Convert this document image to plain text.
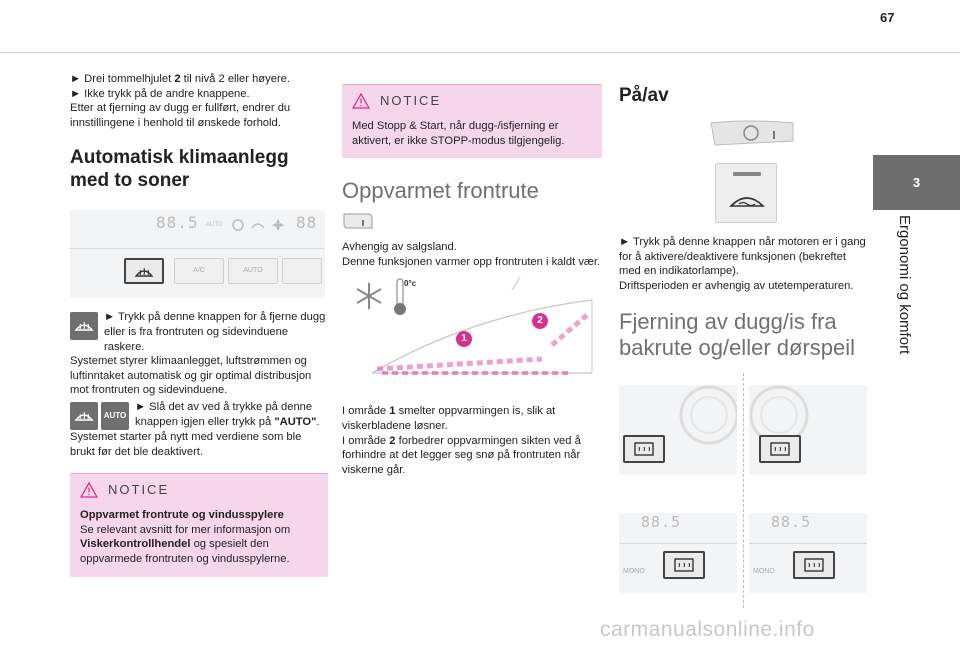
67
3
Ergonomi og komfort

► Drei tommelhjulet 2 til nivå 2 eller høyere.

► Ikke trykk på de andre knappene.

Etter at fjerning av dugg er fullført, endrer du innstillingene i henhold til ønskede forhold.

Automatisk klimaanlegg med to soner
88.5 AUTO	88
A/C	AUTO

► Trykk på denne knappen for å fjerne dugg eller is fra frontruten og sidevinduene raskere.

Systemet styrer klimaanlegget, luftstrømmen og luftinntaket automatisk og gir optimal distribusjon mot frontruten og sidevinduene.

AUTO

► Slå det av ved å trykke på denne knappen igjen eller trykk på "AUTO".

Systemet starter på nytt med verdiene som ble brukt før det ble deaktivert.

NOTICE

Oppvarmet frontrute og vindusspylere

Se relevant avsnitt for mer informasjon om Viskerkontrollhendel og spesielt den oppvarmede frontruten og vindusspylerne.

NOTICE

Med Stopp & Start, når dugg-/isfjerning er aktivert, er ikke STOPP-modus tilgjengelig.

Oppvarmet frontrute

Avhengig av salgsland.

Denne funksjonen varmer opp frontruten i kaldt vær.

0°c
1
2

I område 1 smelter oppvarmingen is, slik at viskerbladene løsner.

I område 2 forbedrer oppvarmingen sikten ved å forhindre at det legger seg snø på frontruten når viskerne går.

På/av

► Trykk på denne knappen når motoren er i gang for å aktivere/deaktivere funksjonen (bekreftet med en indikatorlampe).

Driftsperioden er avhengig av utetemperaturen.

Fjerning av dugg/is fra bakrute og/eller dørspeil
88.5
MONO
88.5
MONO
carmanualsonline.info
